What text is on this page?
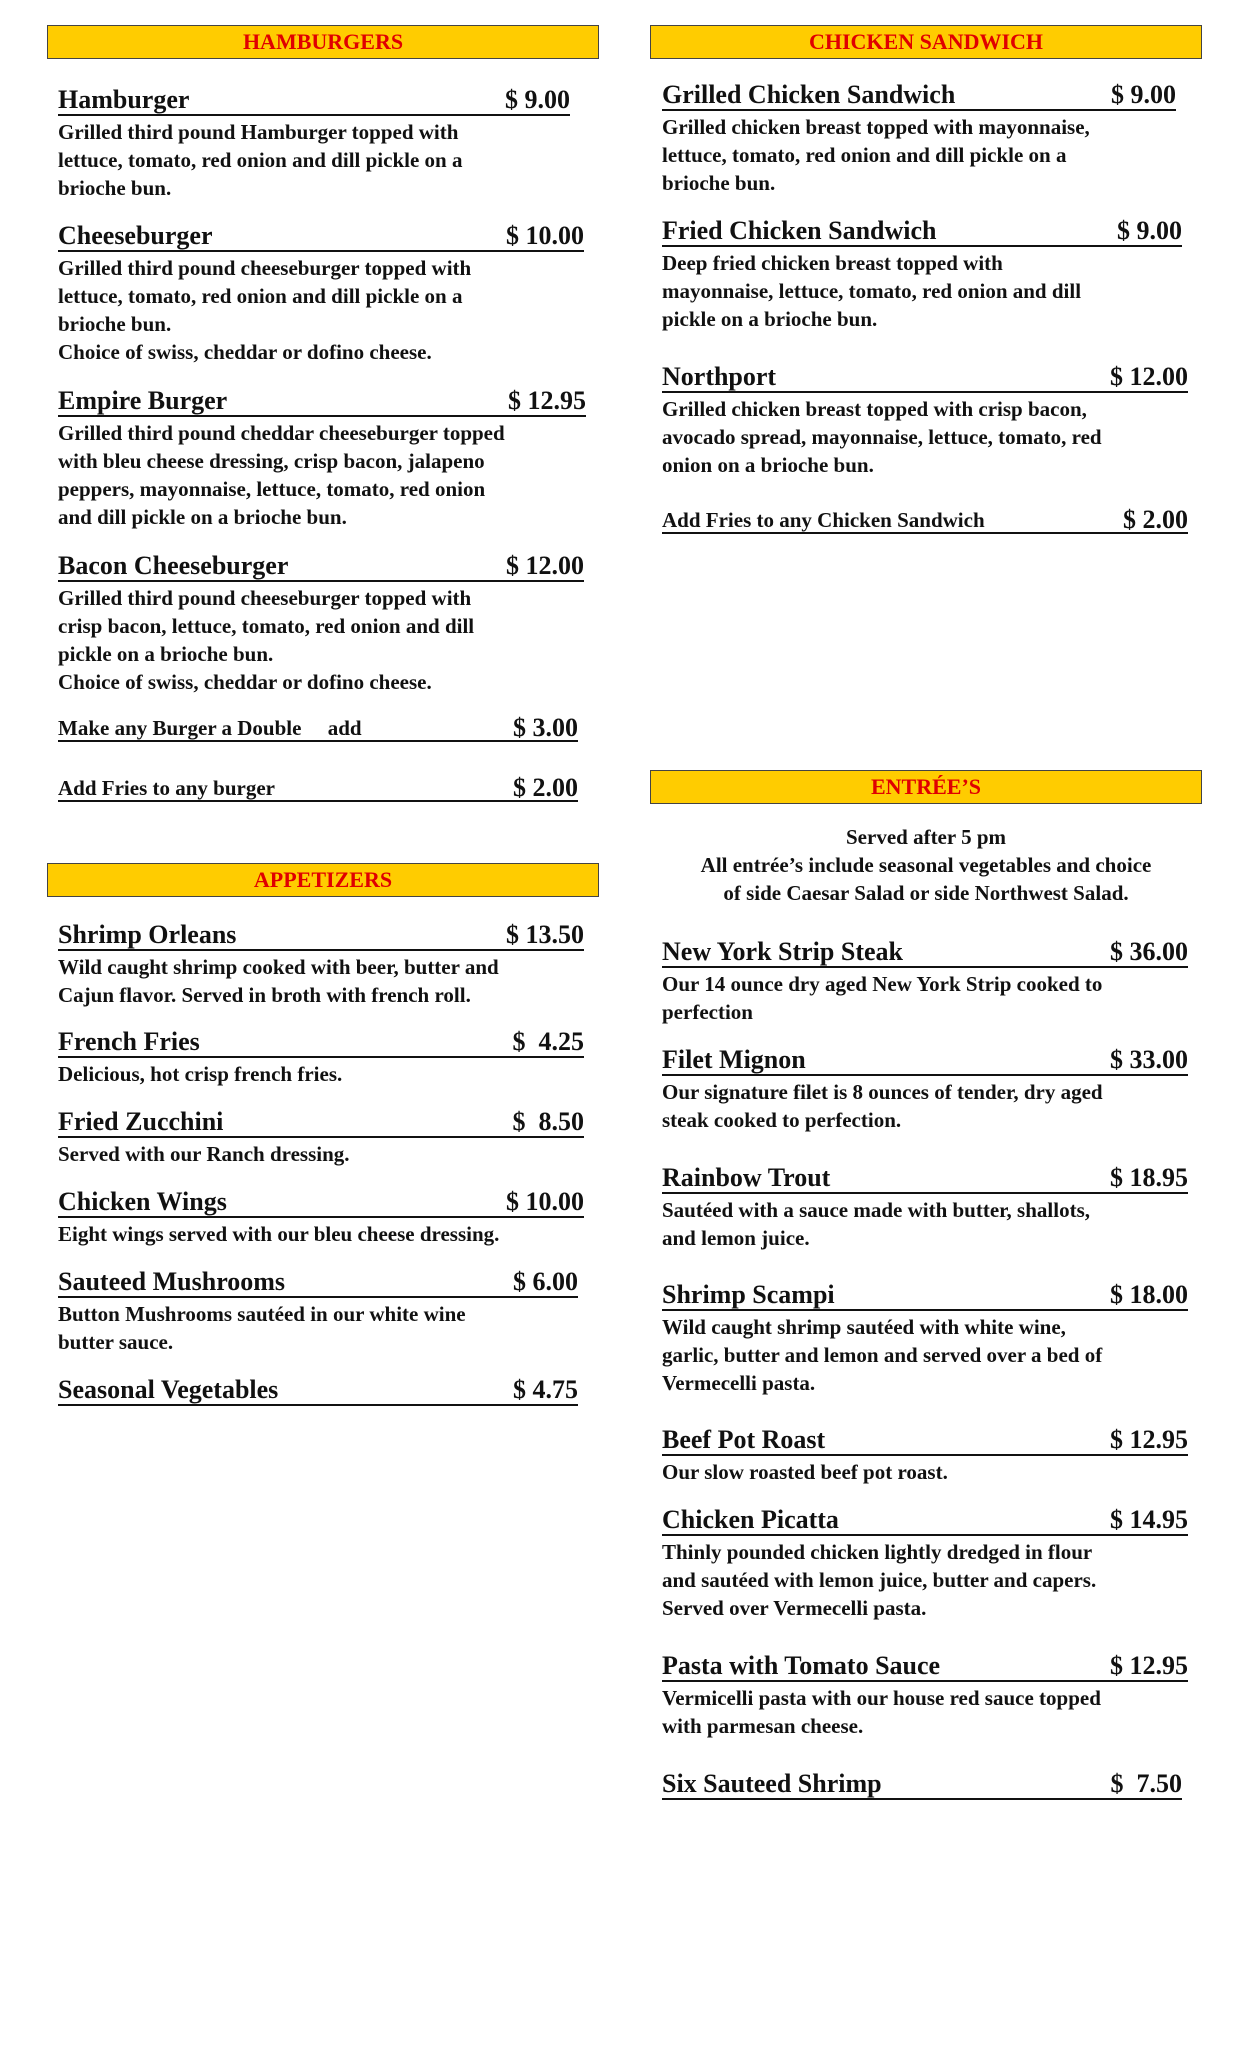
HAMBURGERS
Hamburger	$ 9.00
Grilled third pound Hamburger topped with
lettuce, tomato, red onion and dill pickle on a
brioche bun.
Cheeseburger	$ 10.00
Grilled third pound cheeseburger topped with
lettuce, tomato, red onion and dill pickle on a
brioche bun.
Choice of swiss, cheddar or dofino cheese.
Empire Burger	$ 12.95
Grilled third pound cheddar cheeseburger topped
with bleu cheese dressing, crisp bacon, jalapeno
peppers, mayonnaise, lettuce, tomato, red onion
and dill pickle on a brioche bun.
Bacon Cheeseburger	$ 12.00
Grilled third pound cheeseburger topped with
crisp bacon, lettuce, tomato, red onion and dill
pickle on a brioche bun.
Choice of swiss, cheddar or dofino cheese.
Make any Burger a Double     add	$ 3.00
Add Fries to any burger	$ 2.00
APPETIZERS
Shrimp Orleans	$ 13.50
Wild caught shrimp cooked with beer, butter and
Cajun flavor. Served in broth with french roll.
French Fries	$  4.25
Delicious, hot crisp french fries.
Fried Zucchini	$  8.50
Served with our Ranch dressing.
Chicken Wings	$ 10.00
Eight wings served with our bleu cheese dressing.
Sauteed Mushrooms	$ 6.00
Button Mushrooms sautéed in our white wine
butter sauce.
Seasonal Vegetables	$ 4.75
CHICKEN SANDWICH
Grilled Chicken Sandwich	$ 9.00
Grilled chicken breast topped with mayonnaise,
lettuce, tomato, red onion and dill pickle on a
brioche bun.
Fried Chicken Sandwich	$ 9.00
Deep fried chicken breast topped with
mayonnaise, lettuce, tomato, red onion and dill
pickle on a brioche bun.
Northport	$ 12.00
Grilled chicken breast topped with crisp bacon,
avocado spread, mayonnaise, lettuce, tomato, red
onion on a brioche bun.
Add Fries to any Chicken Sandwich	$ 2.00
ENTRÉE’S
Served after 5 pm
All entrée’s include seasonal vegetables and choice
of side Caesar Salad or side Northwest Salad.
New York Strip Steak	$ 36.00
Our 14 ounce dry aged New York Strip cooked to
perfection
Filet Mignon	$ 33.00
Our signature filet is 8 ounces of tender, dry aged
steak cooked to perfection.
Rainbow Trout	$ 18.95
Sautéed with a sauce made with butter, shallots,
and lemon juice.
Shrimp Scampi	$ 18.00
Wild caught shrimp sautéed with white wine,
garlic, butter and lemon and served over a bed of
Vermecelli pasta.
Beef Pot Roast	$ 12.95
Our slow roasted beef pot roast.
Chicken Picatta	$ 14.95
Thinly pounded chicken lightly dredged in flour
and sautéed with lemon juice, butter and capers.
Served over Vermecelli pasta.
Pasta with Tomato Sauce	$ 12.95
Vermicelli pasta with our house red sauce topped
with parmesan cheese.
Six Sauteed Shrimp	$  7.50
